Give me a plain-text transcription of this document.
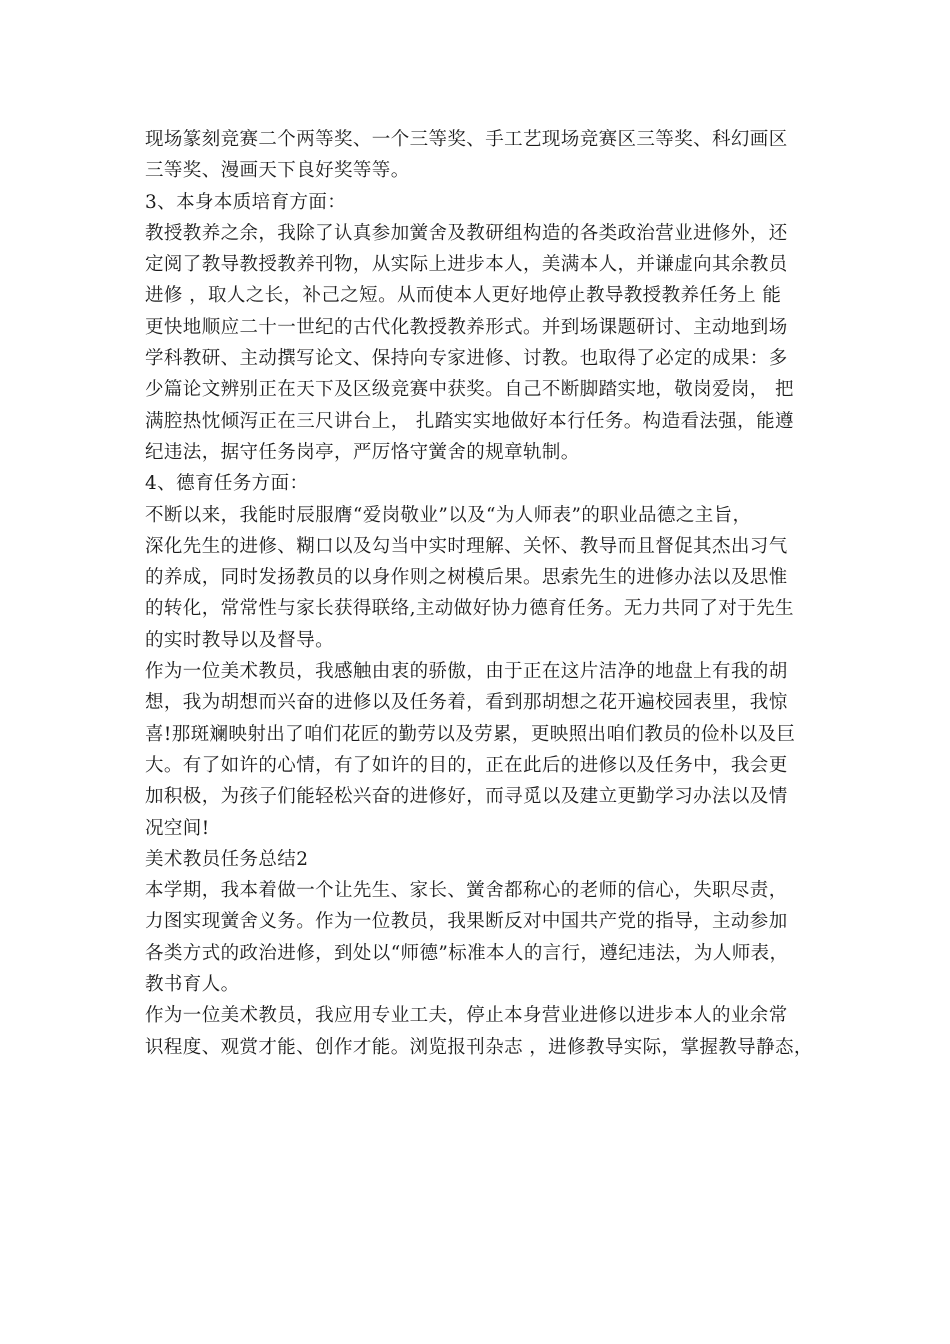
现场篆刻竞赛二个两等奖、一个三等奖、手工艺现场竞赛区三等奖、科幻画区
三等奖、漫画天下良好奖等等。
3、本身本质培育方面：
教授教养之余，我除了认真参加黉舍及教研组构造的各类政治营业进修外，还
定阅了教导教授教养刊物，从实际上进步本人，美满本人，并谦虚向其余教员
进修 ，取人之长，补己之短。从而使本人更好地停止教导教授教养任务上 能
更快地顺应二十一世纪的古代化教授教养形式。并到场课题研讨、主动地到场
学科教研、主动撰写论文、保持向专家进修、讨教。也取得了必定的成果：多
少篇论文辨别正在天下及区级竞赛中获奖。自己不断脚踏实地，敬岗爱岗， 把
满腔热忱倾泻正在三尺讲台上， 扎踏实实地做好本行任务。构造看法强，能遵
纪违法，据守任务岗亭，严厉恪守黉舍的规章轨制。
4、德育任务方面：
不断以来，我能时辰服膺“爱岗敬业”以及“为人师表”的职业品德之主旨，
深化先生的进修、糊口以及勾当中实时理解、关怀、教导而且督促其杰出习气
的养成，同时发扬教员的以身作则之树模后果。思索先生的进修办法以及思惟
的转化，常常性与家长获得联络,主动做好协力德育任务。无力共同了对于先生
的实时教导以及督导。
作为一位美术教员，我感触由衷的骄傲，由于正在这片洁净的地盘上有我的胡
想，我为胡想而兴奋的进修以及任务着，看到那胡想之花开遍校园表里，我惊
喜!那斑斓映射出了咱们花匠的勤劳以及劳累，更映照出咱们教员的俭朴以及巨
大。有了如许的心情，有了如许的目的，正在此后的进修以及任务中，我会更
加积极，为孩子们能轻松兴奋的进修好，而寻觅以及建立更勤学习办法以及情
况空间!
美术教员任务总结2
本学期，我本着做一个让先生、家长、黉舍都称心的老师的信心，失职尽责，
力图实现黉舍义务。作为一位教员，我果断反对中国共产党的指导，主动参加
各类方式的政治进修，到处以“师德”标准本人的言行，遵纪违法，为人师表，
教书育人。
作为一位美术教员，我应用专业工夫，停止本身营业进修以进步本人的业余常
识程度、观赏才能、创作才能。浏览报刊杂志 ，进修教导实际，掌握教导静态，
